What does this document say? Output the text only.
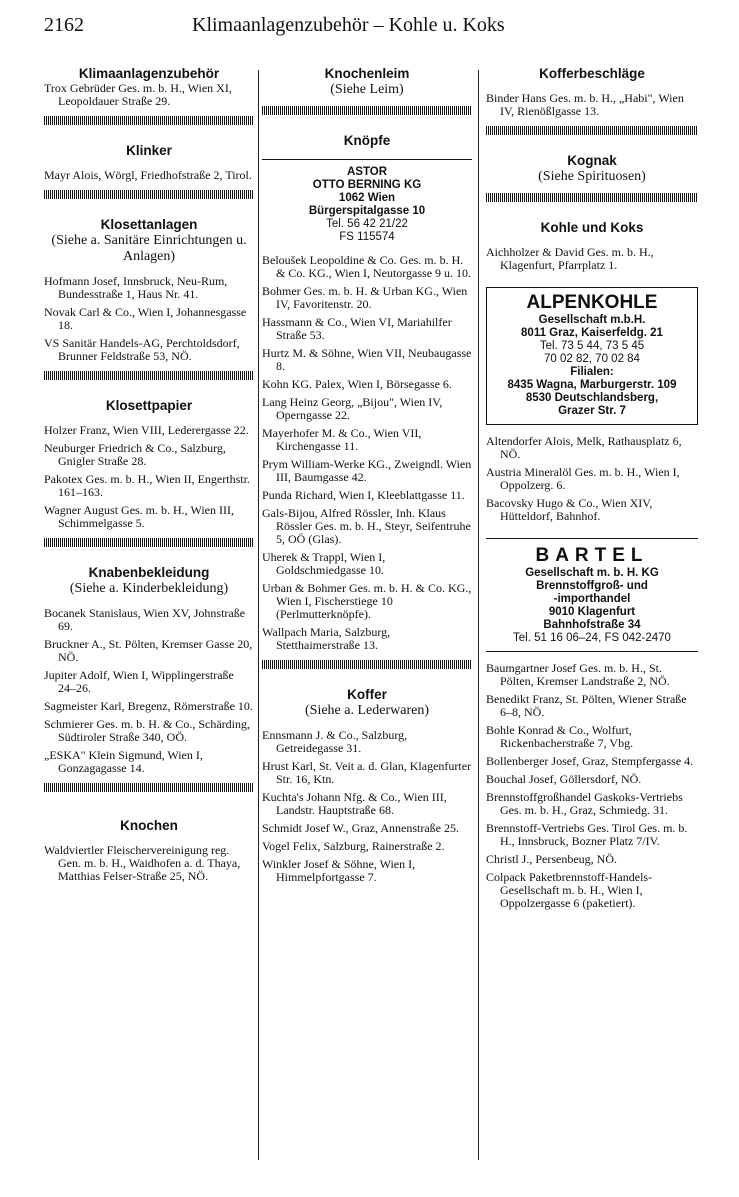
2162	Klimaanlagenzubehör – Kohle u. Koks
Klimaanlagenzubehör

Trox Gebrüder Ges. m. b. H., Wien XI, Leopoldauer Straße 29.

Klinker

Mayr Alois, Wörgl, Friedhofstraße 2, Tirol.

Klosettanlagen
(Siehe a. Sanitäre Einrichtungen u. Anlagen)

Hofmann Josef, Innsbruck, Neu-Rum, Bundesstraße 1, Haus Nr. 41.

Novak Carl & Co., Wien I, Johannesgasse 18.

VS Sanitär Handels-AG, Perchtoldsdorf, Brunner Feldstraße 53, NÖ.

Klosettpapier

Holzer Franz, Wien VIII, Lederergasse 22.

Neuburger Friedrich & Co., Salzburg, Gnigler Straße 28.

Pakotex Ges. m. b. H., Wien II, Engerthstr. 161–163.

Wagner August Ges. m. b. H., Wien III, Schimmelgasse 5.

Knabenbekleidung
(Siehe a. Kinderbekleidung)

Bocanek Stanislaus, Wien XV, Johnstraße 69.

Bruckner A., St. Pölten, Kremser Gasse 20, NÖ.

Jupiter Adolf, Wien I, Wipplingerstraße 24–26.

Sagmeister Karl, Bregenz, Römerstraße 10.

Schmierer Ges. m. b. H. & Co., Schärding, Südtiroler Straße 340, OÖ.

„ESKA" Klein Sigmund, Wien I, Gonzagagasse 14.

Knochen

Waldviertler Fleischervereinigung reg. Gen. m. b. H., Waidhofen a. d. Thaya, Matthias Felser-Straße 25, NÖ.

Knochenleim
(Siehe Leim)
Knöpfe
ASTOR
OTTO BERNING KG
1062 Wien
Bürgerspitalgasse 10
Tel. 56 42 21/22
FS 115574

Beloušek Leopoldine & Co. Ges. m. b. H. & Co. KG., Wien I, Neutorgasse 9 u. 10.

Bohmer Ges. m. b. H. & Urban KG., Wien IV, Favoritenstr. 20.

Hassmann & Co., Wien VI, Mariahilfer Straße 53.

Hurtz M. & Söhne, Wien VII, Neubaugasse 8.

Kohn KG. Palex, Wien I, Börsegasse 6.

Lang Heinz Georg, „Bijou", Wien IV, Operngasse 22.

Mayerhofer M. & Co., Wien VII, Kirchengasse 11.

Prym William-Werke KG., Zweigndl. Wien III, Baumgasse 42.

Punda Richard, Wien I, Kleeblattgasse 11.

Gals-Bijou, Alfred Rössler, Inh. Klaus Rössler Ges. m. b. H., Steyr, Seifentruhe 5, OÖ (Glas).

Uherek & Trappl, Wien I, Goldschmiedgasse 10.

Urban & Bohmer Ges. m. b. H. & Co. KG., Wien I, Fischerstiege 10 (Perlmutterknöpfe).

Wallpach Maria, Salzburg, Stetthaimerstraße 13.

Koffer
(Siehe a. Lederwaren)

Ennsmann J. & Co., Salzburg, Getreidegasse 31.

Hrust Karl, St. Veit a. d. Glan, Klagenfurter Str. 16, Ktn.

Kuchta's Johann Nfg. & Co., Wien III, Landstr. Hauptstraße 68.

Schmidt Josef W., Graz, Annenstraße 25.

Vogel Felix, Salzburg, Rainerstraße 2.

Winkler Josef & Söhne, Wien I, Himmelpfortgasse 7.

Kofferbeschläge

Binder Hans Ges. m. b. H., „Habi", Wien IV, Rienößlgasse 13.

Kognak
(Siehe Spirituosen)
Kohle und Koks

Aichholzer & David Ges. m. b. H., Klagenfurt, Pfarrplatz 1.

ALPENKOHLE
Gesellschaft m.b.H.
8011 Graz, Kaiserfeldg. 21
Tel. 73 5 44, 73 5 45
70 02 82, 70 02 84
Filialen:
8435 Wagna, Marburgerstr. 109
8530 Deutschlandsberg,
Grazer Str. 7

Altendorfer Alois, Melk, Rathausplatz 6, NÖ.

Austria Mineralöl Ges. m. b. H., Wien I, Oppolzerg. 6.

Bacovsky Hugo & Co., Wien XIV, Hütteldorf, Bahnhof.

BARTEL
Gesellschaft m. b. H. KG
Brennstoffgroß- und
-importhandel
9010 Klagenfurt
Bahnhofstraße 34
Tel. 51 16 06–24, FS 042-2470

Baumgartner Josef Ges. m. b. H., St. Pölten, Kremser Landstraße 2, NÖ.

Benedikt Franz, St. Pölten, Wiener Straße 6–8, NÖ.

Bohle Konrad & Co., Wolfurt, Rickenbacherstraße 7, Vbg.

Bollenberger Josef, Graz, Stempfergasse 4.

Bouchal Josef, Göllersdorf, NÖ.

Brennstoffgroßhandel Gaskoks-Vertriebs Ges. m. b. H., Graz, Schmiedg. 31.

Brennstoff-Vertriebs Ges. Tirol Ges. m. b. H., Innsbruck, Bozner Platz 7/IV.

Christl J., Persenbeug, NÖ.

Colpack Paketbrennstoff-Handels-Gesellschaft m. b. H., Wien I, Oppolzergasse 6 (paketiert).
